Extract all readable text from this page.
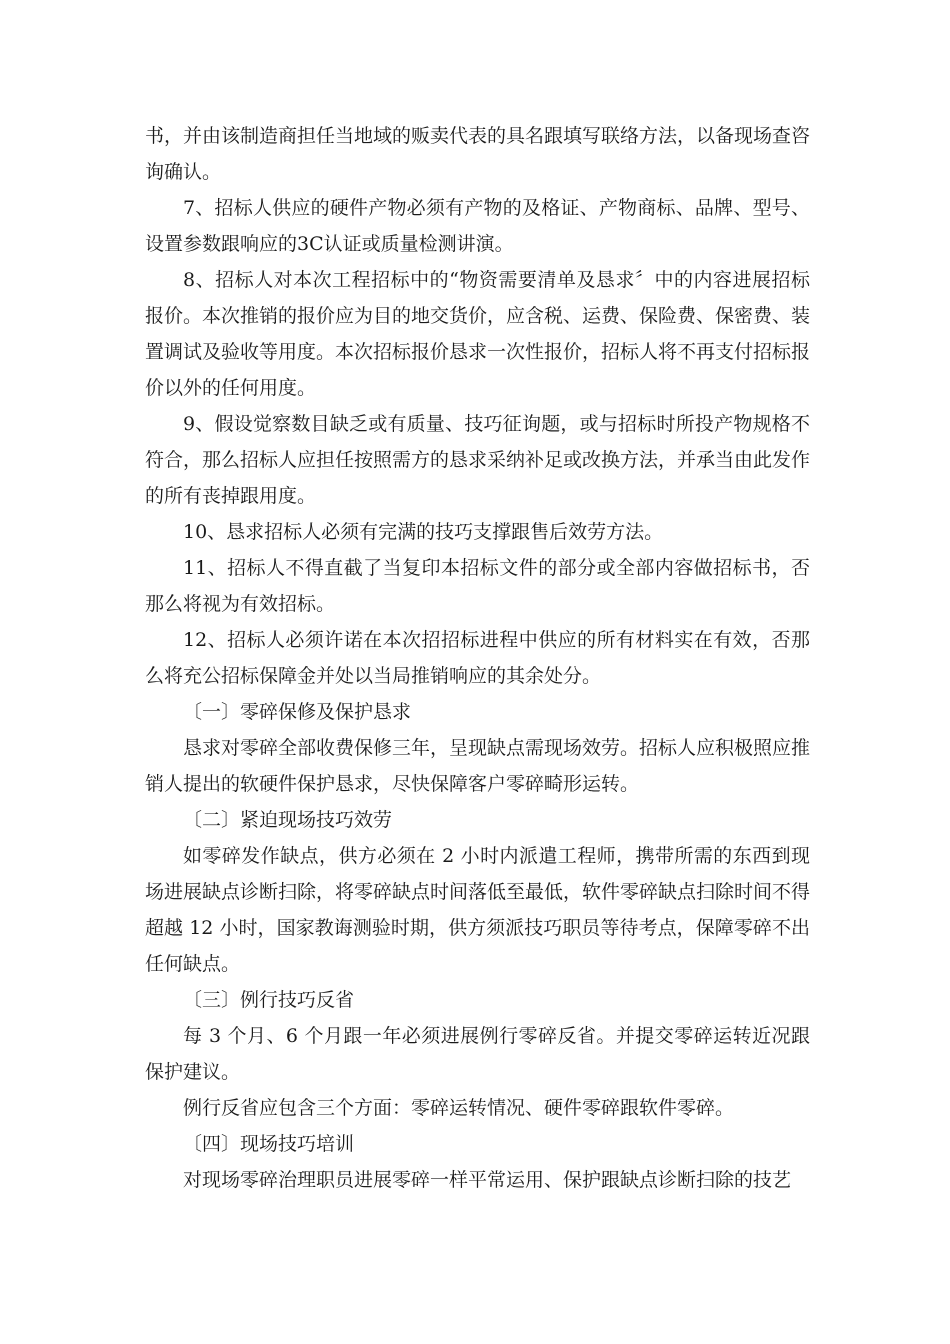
书，并由该制造商担任当地域的贩卖代表的具名跟填写联络方法，以备现场查咨询确认。

7、招标人供应的硬件产物必须有产物的及格证、产物商标、品牌、型号、设置参数跟响应的3C认证或质量检测讲演。

8、招标人对本次工程招标中的“物资需要清单及恳求〞中的内容进展招标报价。本次推销的报价应为目的地交货价，应含税、运费、保险费、保密费、装置调试及验收等用度。本次招标报价恳求一次性报价，招标人将不再支付招标报价以外的任何用度。

9、假设觉察数目缺乏或有质量、技巧征询题，或与招标时所投产物规格不符合，那么招标人应担任按照需方的恳求采纳补足或改换方法，并承当由此发作的所有丧掉跟用度。

10、恳求招标人必须有完满的技巧支撑跟售后效劳方法。

11、招标人不得直截了当复印本招标文件的部分或全部内容做招标书，否那么将视为有效招标。

12、招标人必须许诺在本次招招标进程中供应的所有材料实在有效，否那么将充公招标保障金并处以当局推销响应的其余处分。

〔一〕零碎保修及保护恳求

恳求对零碎全部收费保修三年，呈现缺点需现场效劳。招标人应积极照应推销人提出的软硬件保护恳求，尽快保障客户零碎畸形运转。

〔二〕紧迫现场技巧效劳

如零碎发作缺点，供方必须在 2 小时内派遣工程师，携带所需的东西到现场进展缺点诊断扫除，将零碎缺点时间落低至最低，软件零碎缺点扫除时间不得超越 12 小时，国家教诲测验时期，供方须派技巧职员等待考点，保障零碎不出任何缺点。

〔三〕例行技巧反省

每 3 个月、6 个月跟一年必须进展例行零碎反省。并提交零碎运转近况跟保护建议。

例行反省应包含三个方面：零碎运转情况、硬件零碎跟软件零碎。

〔四〕现场技巧培训

对现场零碎治理职员进展零碎一样平常运用、保护跟缺点诊断扫除的技艺
